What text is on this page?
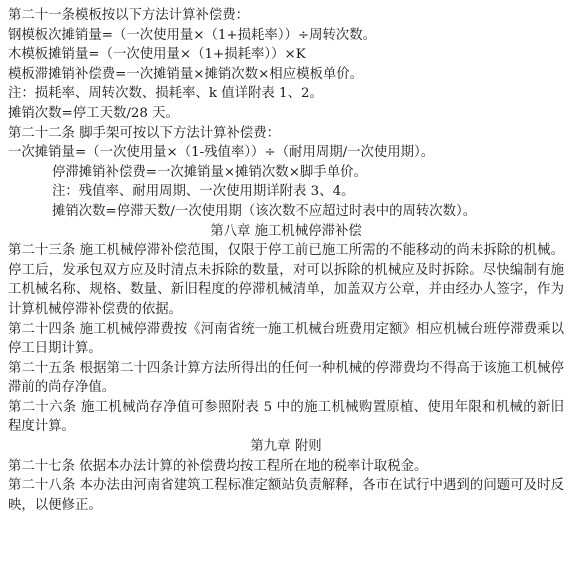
第二十一条模板按以下方法计算补偿费：
钢模板次摊销量=（一次使用量×（1+损耗率））÷周转次数。
木模板摊销量=（一次使用量×（1+损耗率））×K
模板滞摊销补偿费=一次摊销量×摊销次数×相应模板单价。
注：损耗率、周转次数、损耗率、k 值详附表 1、2。
摊销次数=停工天数/28 天。
第二十二条 脚手架可按以下方法计算补偿费：
一次摊销量=（一次使用量×（1-残值率））÷（耐用周期/一次使用期）。
停滞摊销补偿费=一次摊销量×摊销次数×脚手单价。
注：残值率、耐用周期、一次使用期详附表 3、4。
摊销次数=停滞天数/一次使用期（该次数不应超过时表中的周转次数）。
第八章 施工机械停滞补偿
第二十三条 施工机械停滞补偿范围，仅限于停工前已施工所需的不能移动的尚未拆除的机械。停工后，发承包双方应及时清点未拆除的数量，对可以拆除的机械应及时拆除。尽快编制有施工机械名称、规格、数量、新旧程度的停滞机械清单，加盖双方公章，并由经办人签字，作为计算机械停滞补偿费的依据。
第二十四条 施工机械停滞费按《河南省统一施工机械台班费用定额》相应机械台班停滞费乘以停工日期计算。
第二十五条 根据第二十四条计算方法所得出的任何一种机械的停滞费均不得高于该施工机械停滞前的尚存净值。
第二十六条 施工机械尚存净值可参照附表 5 中的施工机械购置原植、使用年限和机械的新旧程度计算。
第九章 附则
第二十七条 依据本办法计算的补偿费均按工程所在地的税率计取税金。
第二十八条 本办法由河南省建筑工程标准定额站负责解释，各市在试行中遇到的问题可及时反映，以便修正。
